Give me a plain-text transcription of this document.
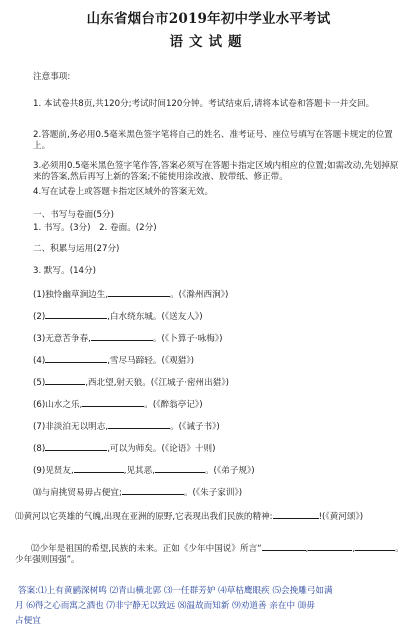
山东省烟台市2019年初中学业水平考试
语文试题
注意事项:
1. 本试卷共8页,共120分;考试时间120分钟。考试结束后,请将本试卷和答题卡一并交回。
2.答题前,务必用0.5毫米黑色签字笔将自己的姓名、准考证号、座位号填写在答题卡规定的位置上。
3.必须用0.5毫米黑色签字笔作答,答案必须写在答题卡指定区域内相应的位置;如需改动,先划掉原来的答案,然后再写上新的答案;不能使用涂改液、胶带纸、修正带。
4.写在试卷上或答题卡指定区域外的答案无效。
一、书写与卷面(5分)
1. 书写。(3分)　2. 卷面。(2分)
二、积累与运用(27分)
3. 默写。(14分)
(1)独怜幽草涧边生,	。(《滁州西涧》)
(2)	,白水绕东城。(《送友人》)
(3)无意苦争春,	。(《卜算子·咏梅》)
(4)	,雪尽马蹄轻。(《观猎》)
(5)	,西北望,射天狼。(《江城子·密州出猎》)
(6)山水之乐,	。(《醉翁亭记》)
(7)非淡泊无以明志,	。(《诫子书》)
(8)	,可以为师矣。(《论语》十则)
(9)见贤友,	,见其恶,	。(《弟子规》)
⑽与肩挑贸易毋占便宜;	。(《朱子家训》)
⑾黄河以它英雄的气魄,出现在亚洲的原野,它表现出我们民族的精神:	!(《黄河颂》)
⑿少年是祖国的希望,民族的未来。正如《少年中国说》所言“	,	,	。少年强则国强”。
答案:⑴上有黄鹂深树鸣 ⑵青山横北郭 ⑶一任群芳妒 ⑷草枯鹰眼疾 ⑸会挽雕弓如满
月 ⑹得之心而寓之酒也 ⑺非宁静无以致远 ⑻温故而知新 ⑼劝道善 亲在中 ⑽毋
占便宜
